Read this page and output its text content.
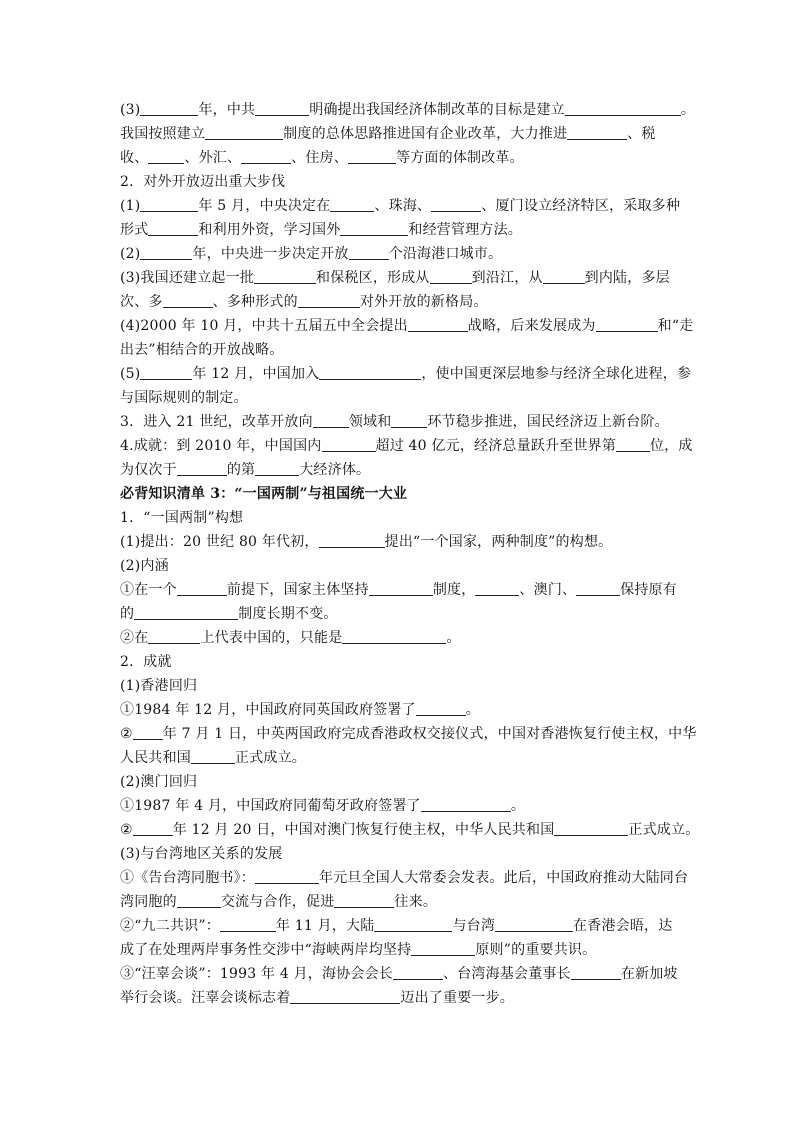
(3)	年，中共	明确提出我国经济体制改革的目标是建立	。
我国按照建立	制度的总体思路推进国有企业改革，大力推进	、税
收、	、外汇、	、住房、	等方面的体制改革。
2．对外开放迈出重大步伐
(1)	年 5 月，中央决定在	、珠海、	、厦门设立经济特区，采取多种
形式	和利用外资，学习国外	和经营管理方法。
(2)	年，中央进一步决定开放	个沿海港口城市。
(3)我国还建立起一批	和保税区，形成从	到沿江，从	到内陆，多层
次、多	、多种形式的	对外开放的新格局。
(4)2000 年 10 月，中共十五届五中全会提出	战略，后来发展成为	和“走
出去”相结合的开放战略。
(5)	年 12 月，中国加入	，使中国更深层地参与经济全球化进程，参
与国际规则的制定。
3．进入 21 世纪，改革开放向	领域和	环节稳步推进，国民经济迈上新台阶。
4.成就：到 2010 年，中国国内	超过 40 亿元，经济总量跃升至世界第 位，成
为仅次于	的第	大经济体。
必背知识清单 3：“一国两制”与祖国统一大业
1．“一国两制”构想
(1)提出：20 世纪 80 年代初，	提出“一个国家，两种制度”的构想。
(2)内涵
①在一个	前提下，国家主体坚持	制度，	、澳门、	保持原有
的	制度长期不变。
②在	上代表中国的，只能是	。
2．成就
(1)香港回归
①1984 年 12 月，中国政府同英国政府签署了	。
② 年 7 月 1 日，中英两国政府完成香港政权交接仪式，中国对香港恢复行使主权，中华
人民共和国	正式成立。
(2)澳门回归
①1987 年 4 月，中国政府同葡萄牙政府签署了	。
②	年 12 月 20 日，中国对澳门恢复行使主权，中华人民共和国	正式成立。
(3)与台湾地区关系的发展
①《告台湾同胞书》：	年元旦全国人大常委会发表。此后，中国政府推动大陆同台
湾同胞的	交流与合作，促进	往来。
②“九二共识”：	年 11 月，大陆	与台湾	在香港会晤，达
成了在处理两岸事务性交涉中“海峡两岸均坚持	原则”的重要共识。
③“汪辜会谈”：1993 年 4 月，海协会会长	、台湾海基会董事长	在新加坡
举行会谈。汪辜会谈标志着	迈出了重要一步。
